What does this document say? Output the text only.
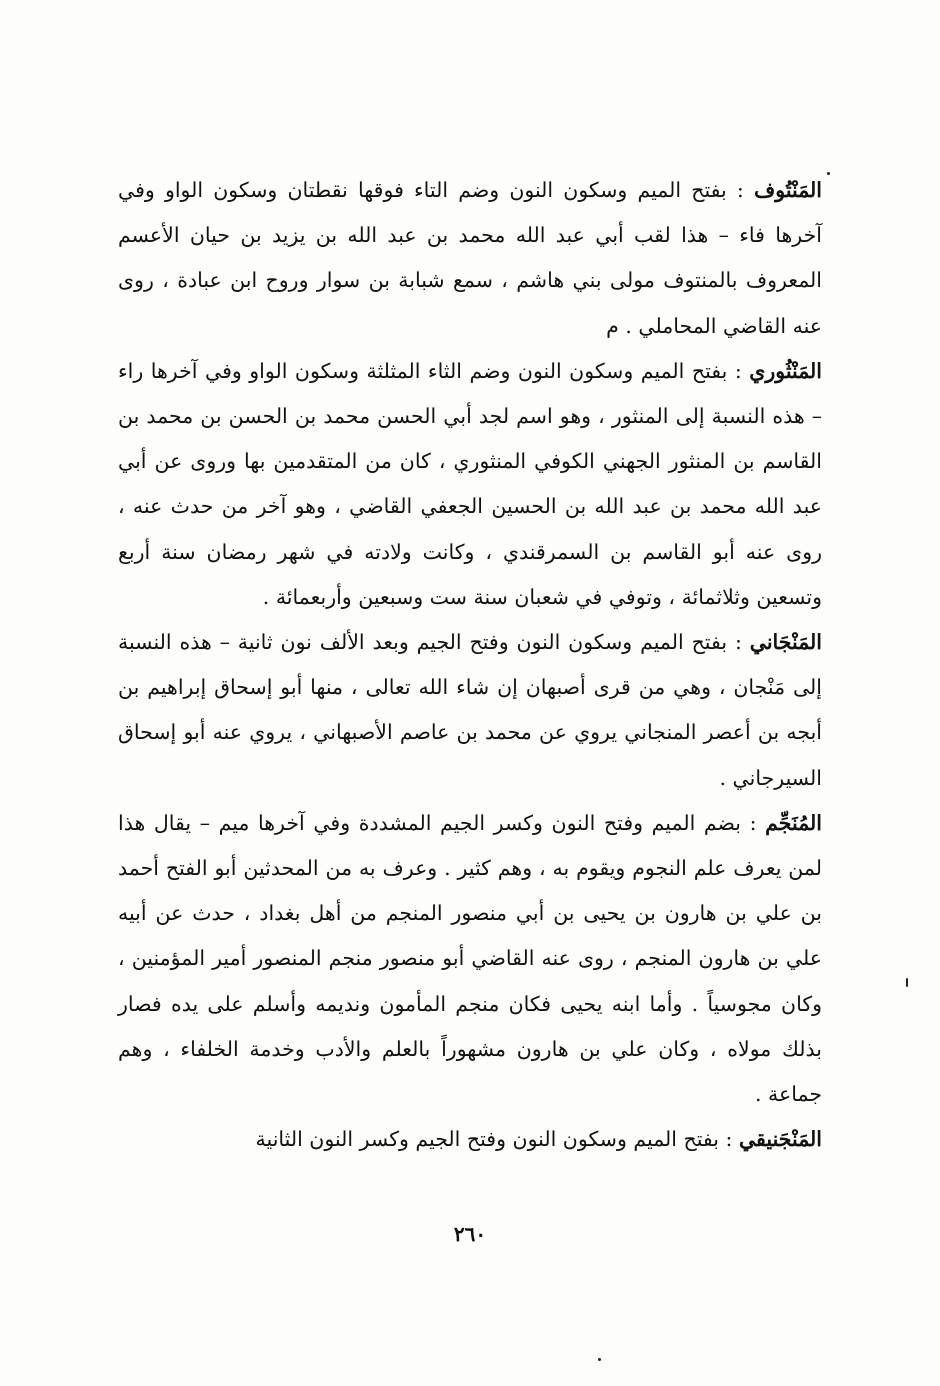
المَنْتُوف : بفتح الميم وسكون النون وضم التاء فوقها نقطتان وسكون الواو وفي آخرها فاء – هذا لقب أبي عبد الله محمد بن عبد الله بن يزيد بن حيان الأعسم المعروف بالمنتوف مولى بني هاشم ، سمع شبابة بن سوار وروح ابن عبادة ، روى عنه القاضي المحاملي . م

المَنْثُوري : بفتح الميم وسكون النون وضم الثاء المثلثة وسكون الواو وفي آخرها راء – هذه النسبة إلى المنثور ، وهو اسم لجد أبي الحسن محمد بن الحسن بن محمد بن القاسم بن المنثور الجهني الكوفي المنثوري ، كان من المتقدمين بها وروى عن أبي عبد الله محمد بن عبد الله بن الحسين الجعفي القاضي ، وهو آخر من حدث عنه ، روى عنه أبو القاسم بن السمرقندي ، وكانت ولادته في شهر رمضان سنة أربع وتسعين وثلاثمائة ، وتوفي في شعبان سنة ست وسبعين وأربعمائة .

المَنْجَاني : بفتح الميم وسكون النون وفتح الجيم وبعد الألف نون ثانية – هذه النسبة إلى مَنْجان ، وهي من قرى أصبهان إن شاء الله تعالى ، منها أبو إسحاق إبراهيم بن أبجه بن أعصر المنجاني يروي عن محمد بن عاصم الأصبهاني ، يروي عنه أبو إسحاق السيرجاني .

المُنَجِّم : بضم الميم وفتح النون وكسر الجيم المشددة وفي آخرها ميم – يقال هذا لمن يعرف علم النجوم ويقوم به ، وهم كثير . وعرف به من المحدثين أبو الفتح أحمد بن علي بن هارون بن يحيى بن أبي منصور المنجم من أهل بغداد ، حدث عن أبيه علي بن هارون المنجم ، روى عنه القاضي أبو منصور منجم المنصور أمير المؤمنين ، وكان مجوسياً . وأما ابنه يحيى فكان منجم المأمون ونديمه وأسلم على يده فصار بذلك مولاه ، وكان علي بن هارون مشهوراً بالعلم والأدب وخدمة الخلفاء ، وهم جماعة .

المَنْجَنيقي : بفتح الميم وسكون النون وفتح الجيم وكسر النون الثانية

٢٦٠
